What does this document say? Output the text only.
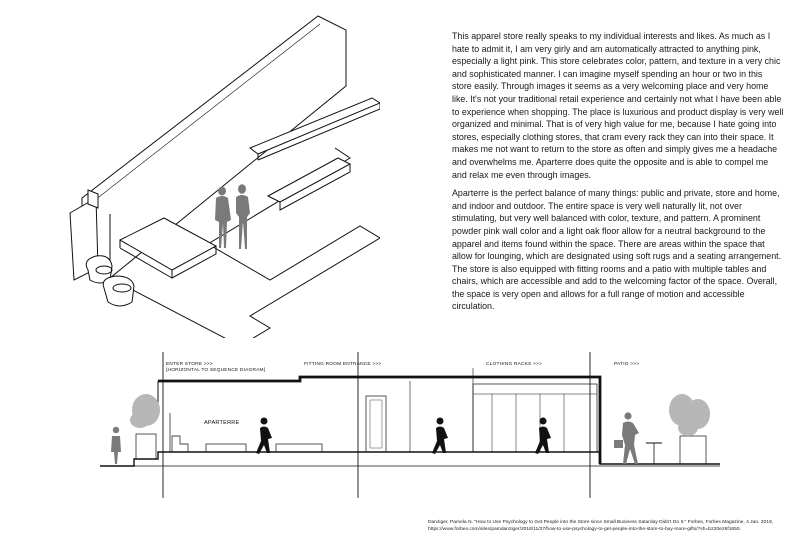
This apparel store really speaks to my individual interests and likes. As much as I hate to admit it, I am very girly and am automatically attracted to anything pink, especially a light pink. This store celebrates color, pattern, and texture in a very chic and sophisticated manner. I can imagine myself spending an hour or two in this store easily. Through images it seems as a very welcoming place and very home like. It's not your traditional retail experience and certainly not what I have been able to experience when shopping. The place is luxurious and product display is very well organized and minimal. That is of very high value for me, because I hate going into stores, especially clothing stores, that cram every rack they can into their space. It makes me not want to return to the store as often and simply gives me a headache and overwhelms me. Aparterre does quite the opposite and is able to compel me and relax me even through images.

Aparterre is the perfect balance of many things: public and private, store and home, and indoor and outdoor. The entire space is very well naturally lit, not over stimulating, but very well balanced with color, texture, and pattern. A prominent powder pink wall color and a light oak floor allow for a neutral background to the apparel and items found within the space. There are areas within the space that allow for lounging, which are designated using soft rugs and a seating arrangement. The store is also equipped with fitting rooms and a patio with multiple tables and chairs, which are accessible and add to the welcoming factor of the space. Overall, the space is very open and allows for a full range of motion and accessible circulation.

ENTER STORE >>>
[HORIZONTAL TO SEQUENCE DIAGRAM]
FITTING ROOM ENTRANCE >>>	CLOTHING RACKS >>>	PATIO >>>
APARTERRE
Danziger, Pamela N. "How to Use Psychology to Get People into the Store since Small Business Saturday Didn't Do It." Forbes, Forbes Magazine, 4 Jan. 2019,
https://www.forbes.com/sites/pamdanziger/2018/11/27/how-to-use-psychology-to-get-people-into-the-store-to-buy-more-gifts/?sh=b220e26f1650.
